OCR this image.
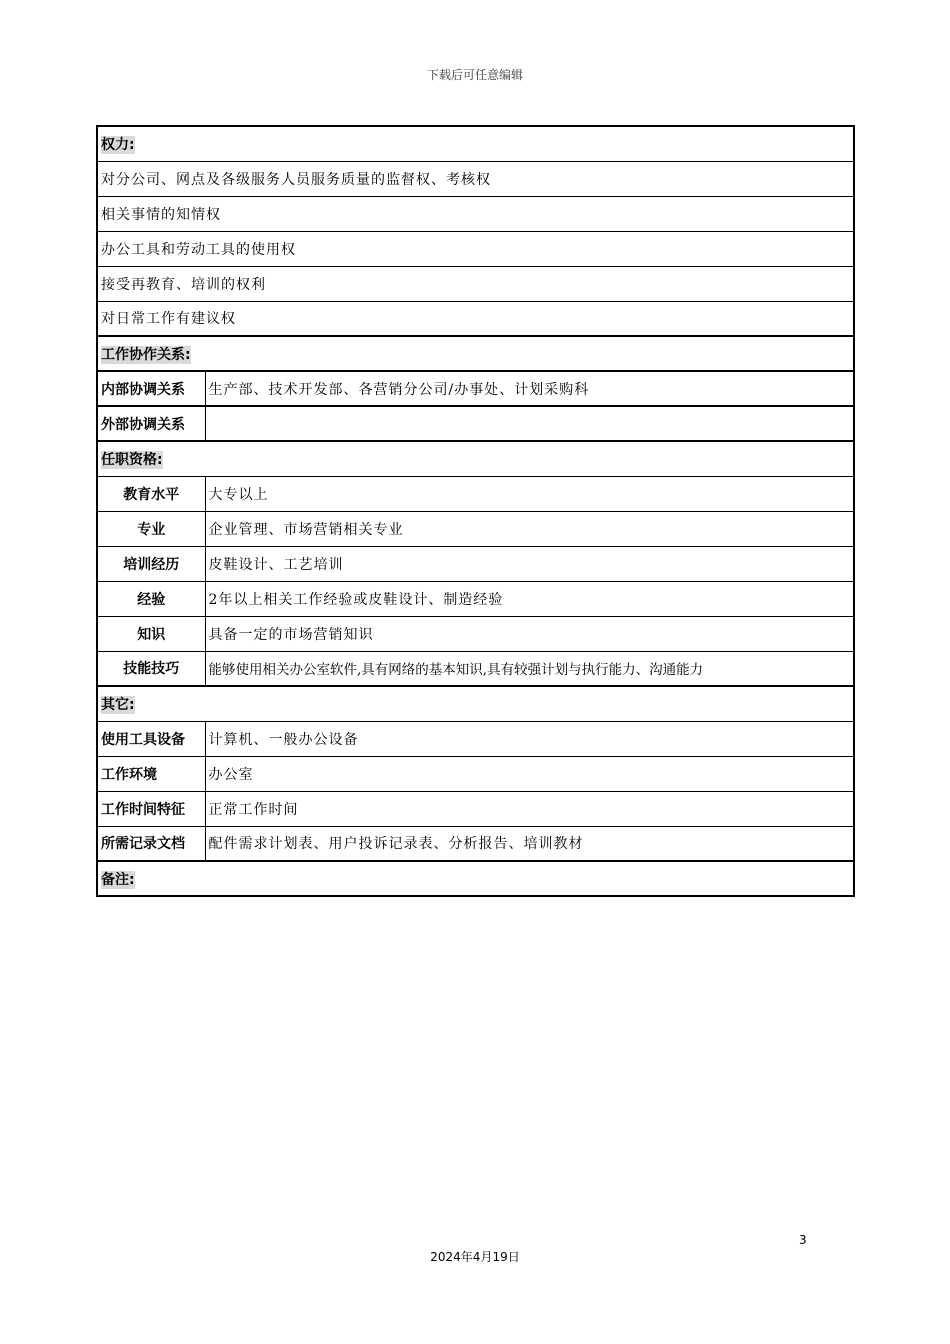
下载后可任意编辑
权力:	
对分公司、网点及各级服务人员服务质量的监督权、考核权	
相关事情的知情权	
办公工具和劳动工具的使用权	
接受再教育、培训的权利	
对日常工作有建议权	
工作协作关系:	
内部协调关系	生产部、技术开发部、各营销分公司/办事处、计划采购科
外部协调关系	
任职资格:	
教育水平	大专以上
专业	企业管理、市场营销相关专业
培训经历	皮鞋设计、工艺培训
经验	2年以上相关工作经验或皮鞋设计、制造经验
知识	具备一定的市场营销知识
技能技巧	能够使用相关办公室软件,具有网络的基本知识,具有较强计划与执行能力、沟通能力
其它:	
使用工具设备	计算机、一般办公设备
工作环境	办公室
工作时间特征	正常工作时间
所需记录文档	配件需求计划表、用户投诉记录表、分析报告、培训教材
备注:	
3
2024年4月19日
